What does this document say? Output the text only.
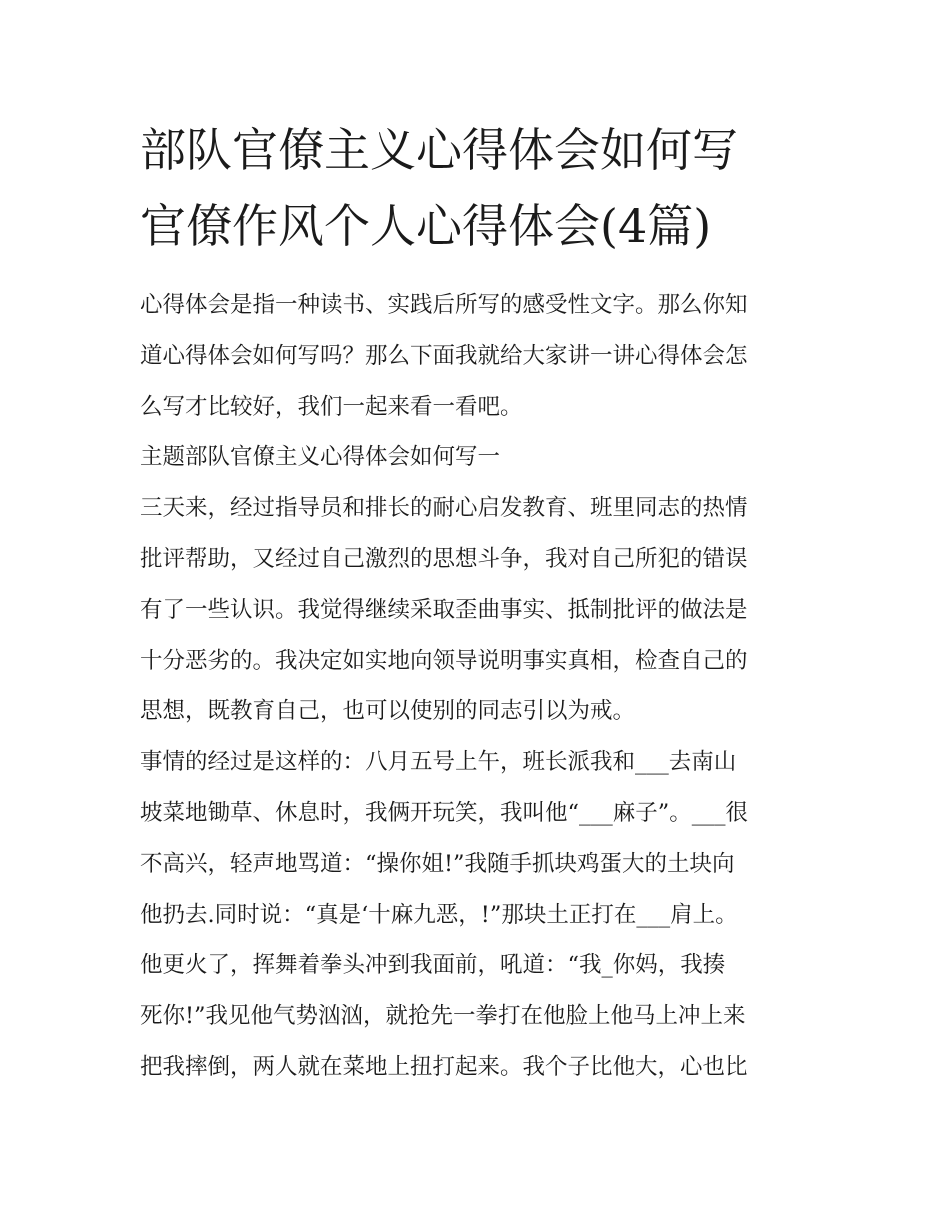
部队官僚主义心得体会如何写
官僚作风个人心得体会(4篇)
心得体会是指一种读书、实践后所写的感受性文字。那么你知
道心得体会如何写吗？那么下面我就给大家讲一讲心得体会怎
么写才比较好，我们一起来看一看吧。
主题部队官僚主义心得体会如何写一
三天来，经过指导员和排长的耐心启发教育、班里同志的热情
批评帮助，又经过自己激烈的思想斗争，我对自己所犯的错误
有了一些认识。我觉得继续采取歪曲事实、抵制批评的做法是
十分恶劣的。我决定如实地向领导说明事实真相，检查自己的
思想，既教育自己，也可以使别的同志引以为戒。
事情的经过是这样的：八月五号上午，班长派我和___去南山
坡菜地锄草、休息时，我俩开玩笑，我叫他“___麻子”。___很
不高兴，轻声地骂道：“操你姐!”我随手抓块鸡蛋大的土块向
他扔去.同时说：“真是‘十麻九恶，!”那块土正打在___肩上。
他更火了，挥舞着拳头冲到我面前，吼道：“我_你妈，我揍
死你!”我见他气势汹汹，就抢先一拳打在他脸上他马上冲上来
把我摔倒，两人就在菜地上扭打起来。我个子比他大，心也比
